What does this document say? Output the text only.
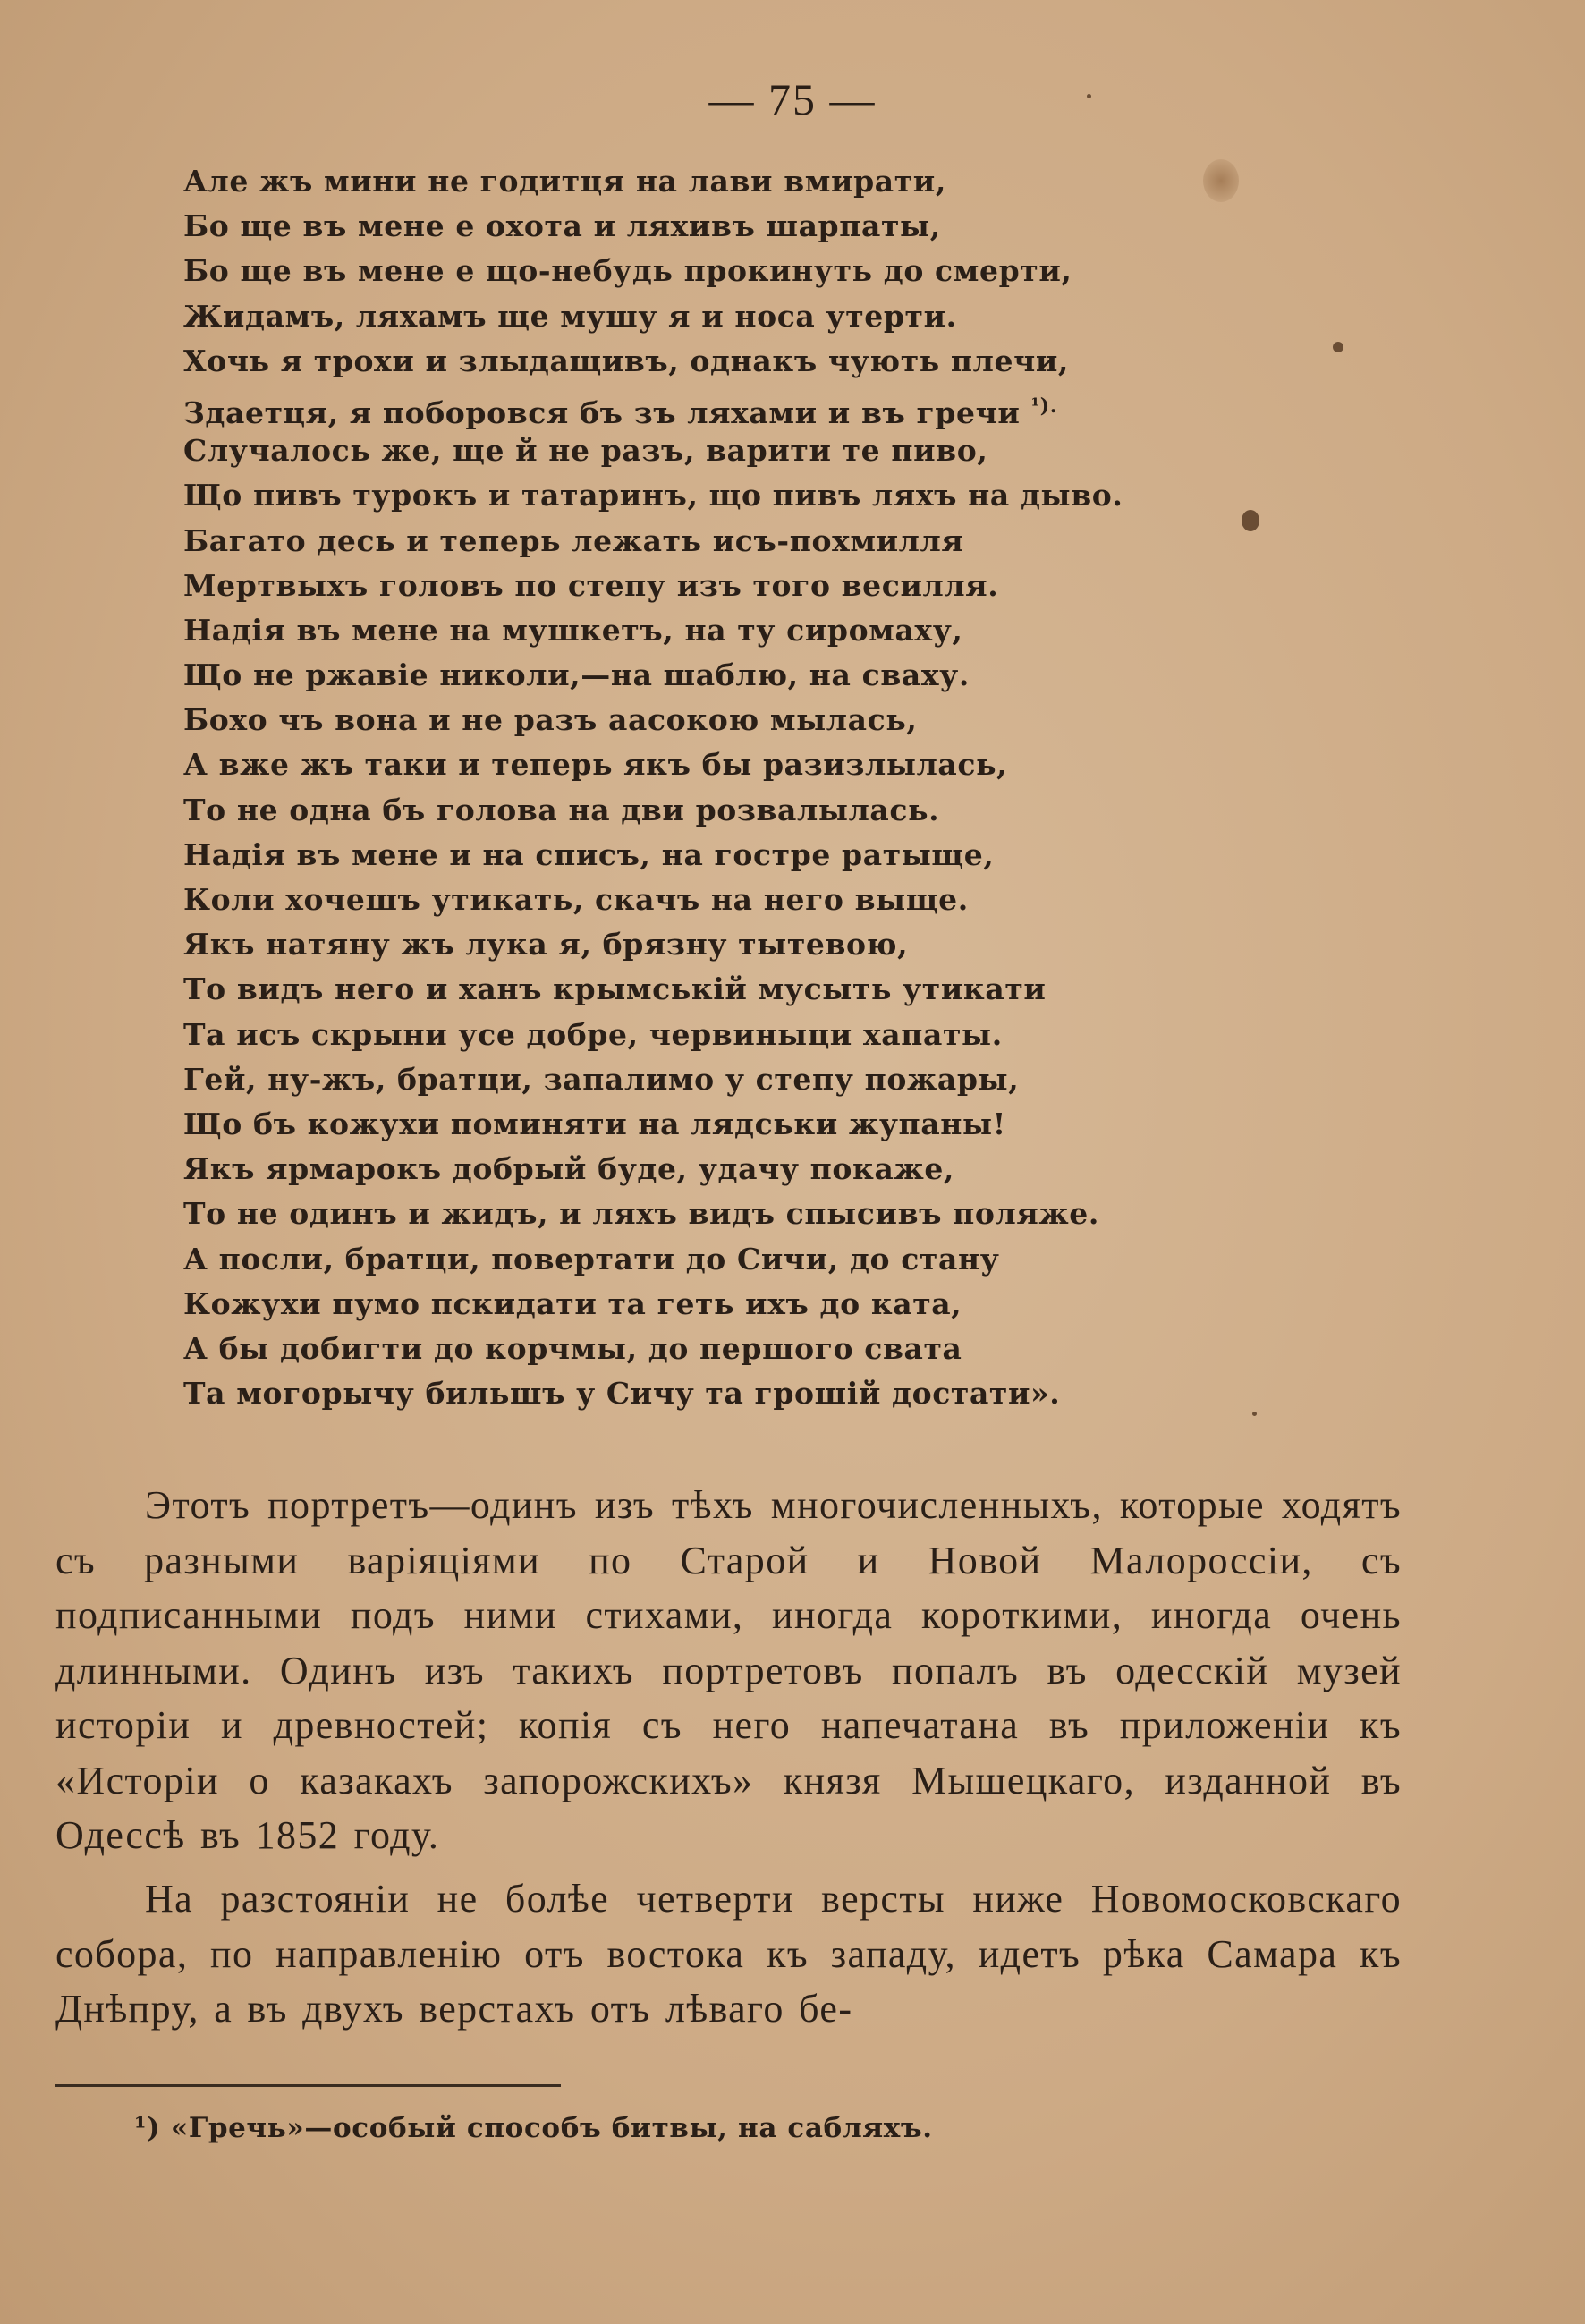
— 75 —
Але жъ мини не годитця на лави вмирати,
Бо ще въ мене е охота и ляхивъ шарпаты,
Бо ще въ мене е що-небудь прокинуть до смерти,
Жидамъ, ляхамъ ще мушу я и носа утерти.
Хочь я трохи и злыдащивъ, однакъ чують плечи,
Здаетця, я поборовся бъ зъ ляхами и въ гречи $^{^1).}$
Случалось же, ще й не разъ, варити те пиво,
Що пивъ турокъ и татаринъ, що пивъ ляхъ на дыво.
Багато десь и теперь лежать исъ-похмилля
Мертвыхъ головъ по степу изъ того весилля.
Надія въ мене на мушкетъ, на ту сиромаху,
Що не ржавіе николи,—на шаблю, на сваху.
Бохо чъ вона и не разъ аасокою мылась,
А вже жъ таки и теперь якъ бы разизлылась,
То не одна бъ голова на дви розвалылась.
Надія въ мене и на списъ, на гостре ратыще,
Коли хочешъ утикать, скачъ на него выще.
Якъ натяну жъ лука я, брязну тытевою,
То видъ него и ханъ крымськiй мусыть утикати
Та исъ скрыни усе добре, червиныци хапаты.
Гей, ну-жъ, братци, запалимо у степу пожары,
Що бъ кожухи поминяти на лядськи жупаны!
Якъ ярмарокъ добрый буде, удачу покаже,
То не одинъ и жидъ, и ляхъ видъ спысивъ поляже.
А посли, братци, повертати до Сичи, до стану
Кожухи пумо пскидати та геть ихъ до ката,
А бы добигти до корчмы, до першого свата
Та могорычу бильшъ у Сичу та грошій достати».

Этотъ портретъ—одинъ изъ тѣхъ многочисленныхъ, которые ходятъ съ разными варіяціями по Старой и Новой Малороссіи, съ подписанными подъ ними стихами, иногда короткими, иногда очень длинными. Одинъ изъ такихъ портретовъ попалъ въ одесскій музей исторіи и древностей; копія съ него напечатана въ приложеніи къ «Исторіи о казакахъ запорожскихъ» князя Мышецкаго, изданной въ Одессѣ въ 1852 году.

На разстояніи не болѣе четверти версты ниже Новомосковскаго собора, по направленію отъ востока къ западу, идетъ рѣка Самара къ Днѣпру, а въ двухъ верстахъ отъ лѣваго бе-

¹) «Гречь»—особый способъ битвы, на сабляхъ.
